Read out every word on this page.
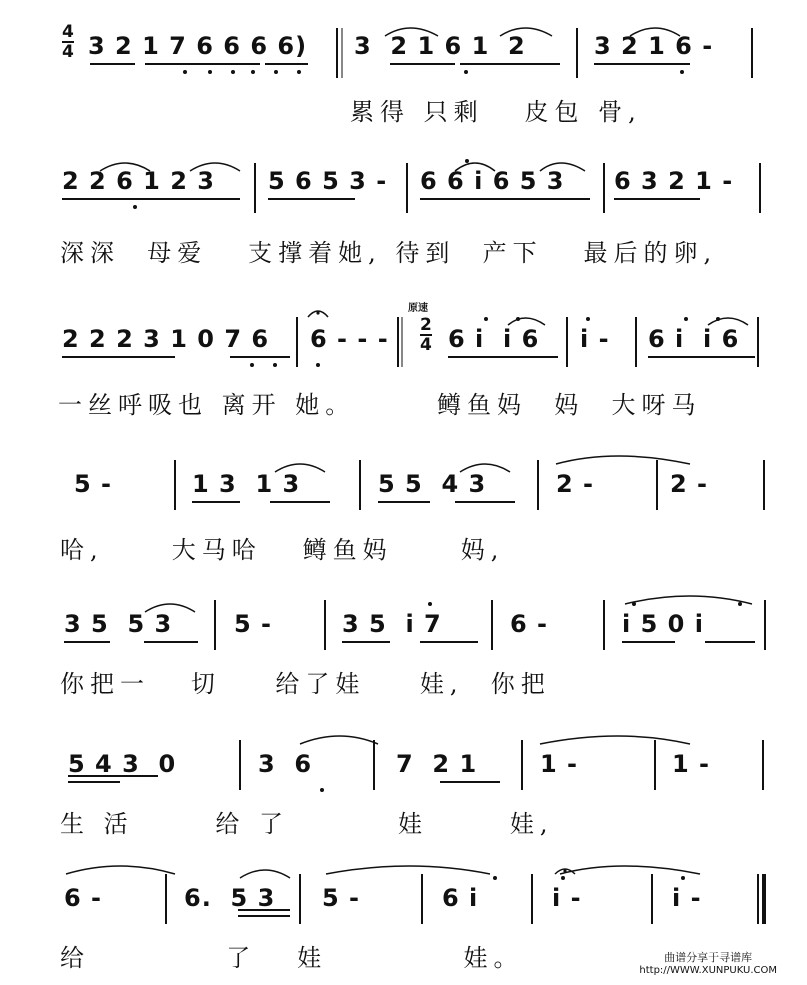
4
4 3 2 1 7 6 6 6 6) 3  2 1 6 1  2	3 2 1 6 -
累得 只剩   皮包 骨,
2 2 6 1 2 3 5 6 5 3 - 6 6 i 6 5 3 6 3 2 1 -
深深  母爱   支撑着她, 待到  产下   最后的卵,
原速
2
4
2 2 2 3 1 0 7 6 6 - - - 6 i  i 6 i - 6 i  i 6
一丝呼吸也 离开 她。      鳟鱼妈  妈  大呀马
5 -	1 3  1 3	5 5  4 3	2 -	2 -
哈,     大马哈   鳟鱼妈     妈,
3 5  5 3	5 -	3 5  i 7	6 -	i 5 0 i
你把一   切    给了娃    娃,  你把
5 4 3  0	3  6	7  2 1	1 -	1 -
生 活      给 了        娃      娃,
6 -	6.  5 3 5 -	6 i	i -	i -
给          了   娃          娃。	曲谱分享于寻谱库
http://WWW.XUNPUKU.COM
